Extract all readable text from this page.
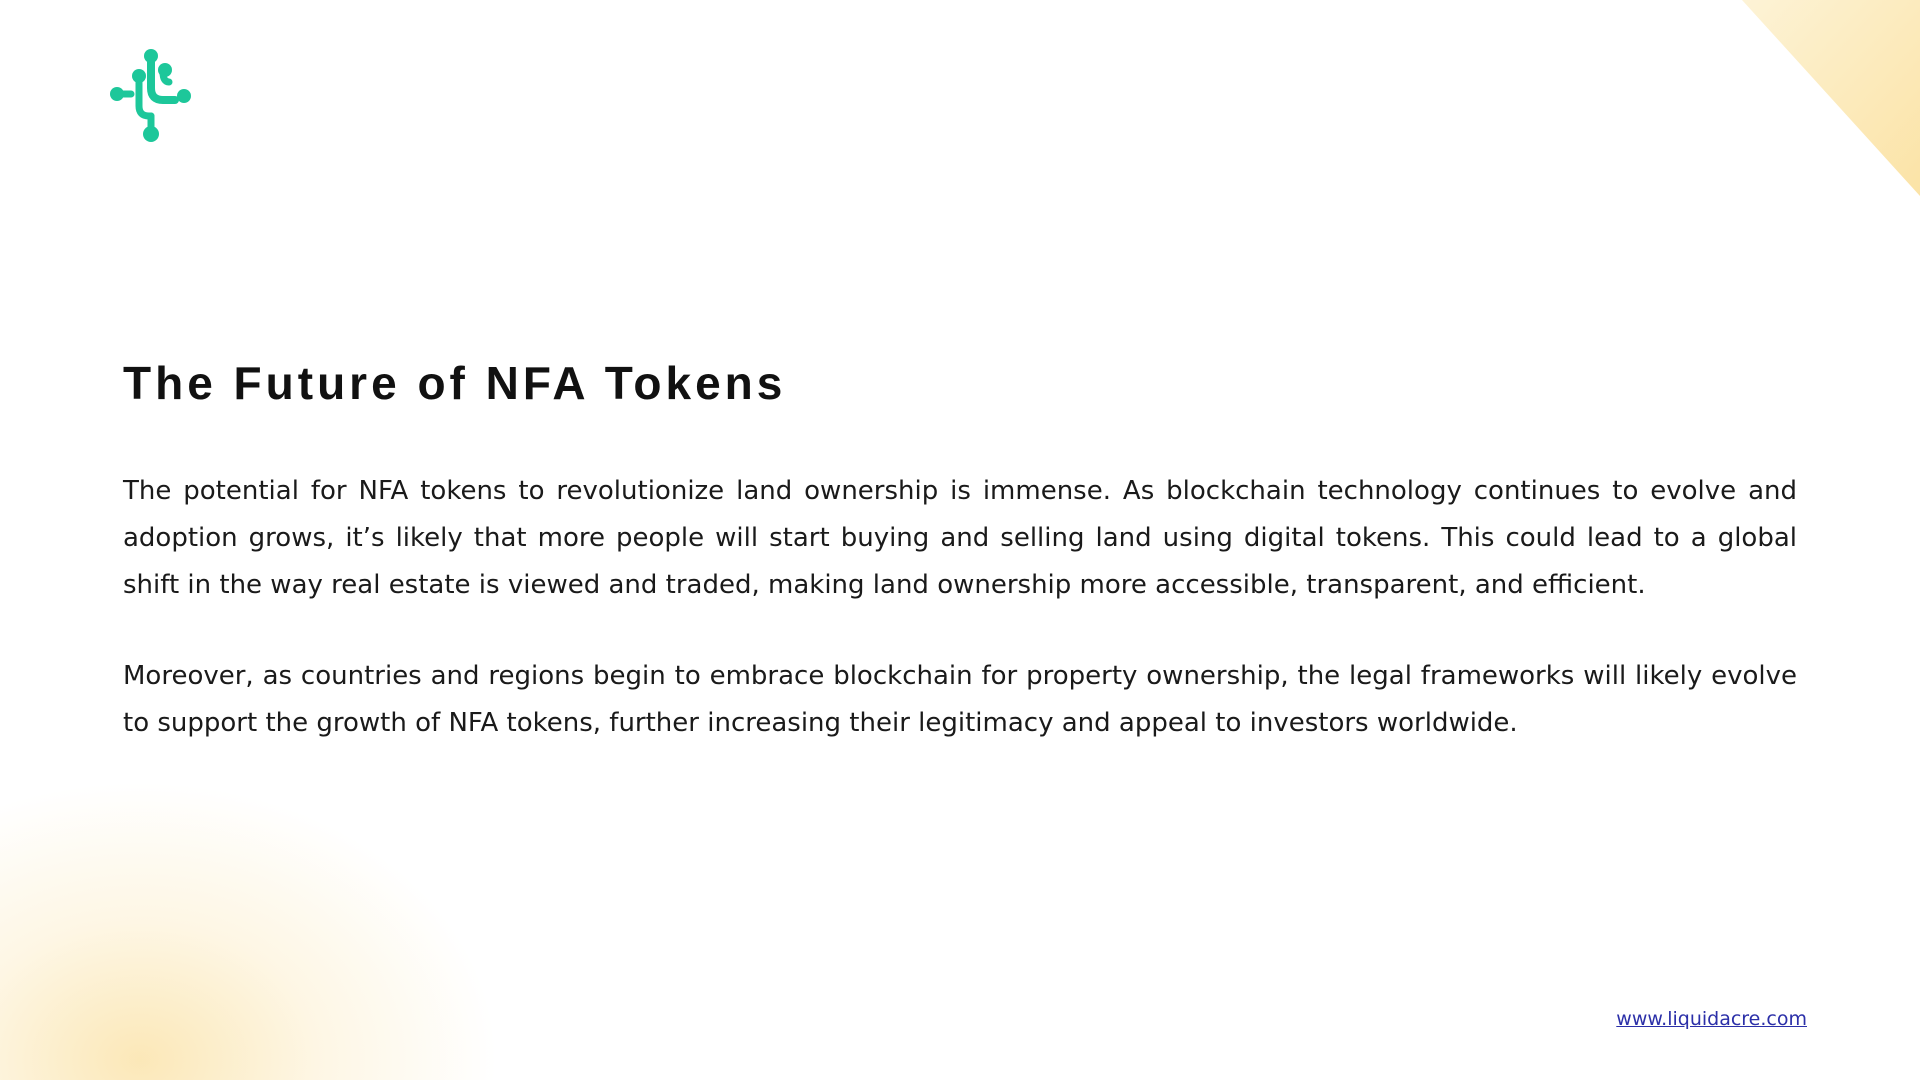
The Future of NFA Tokens

The potential for NFA tokens to revolutionize land ownership is immense. As blockchain technology continues to evolve and adoption grows, it’s likely that more people will start buying and selling land using digital tokens. This could lead to a global shift in the way real estate is viewed and traded, making land ownership more accessible, transparent, and efficient.

Moreover, as countries and regions begin to embrace blockchain for property ownership, the legal frameworks will likely evolve to support the growth of NFA tokens, further increasing their legitimacy and appeal to investors worldwide.

www.liquidacre.com
